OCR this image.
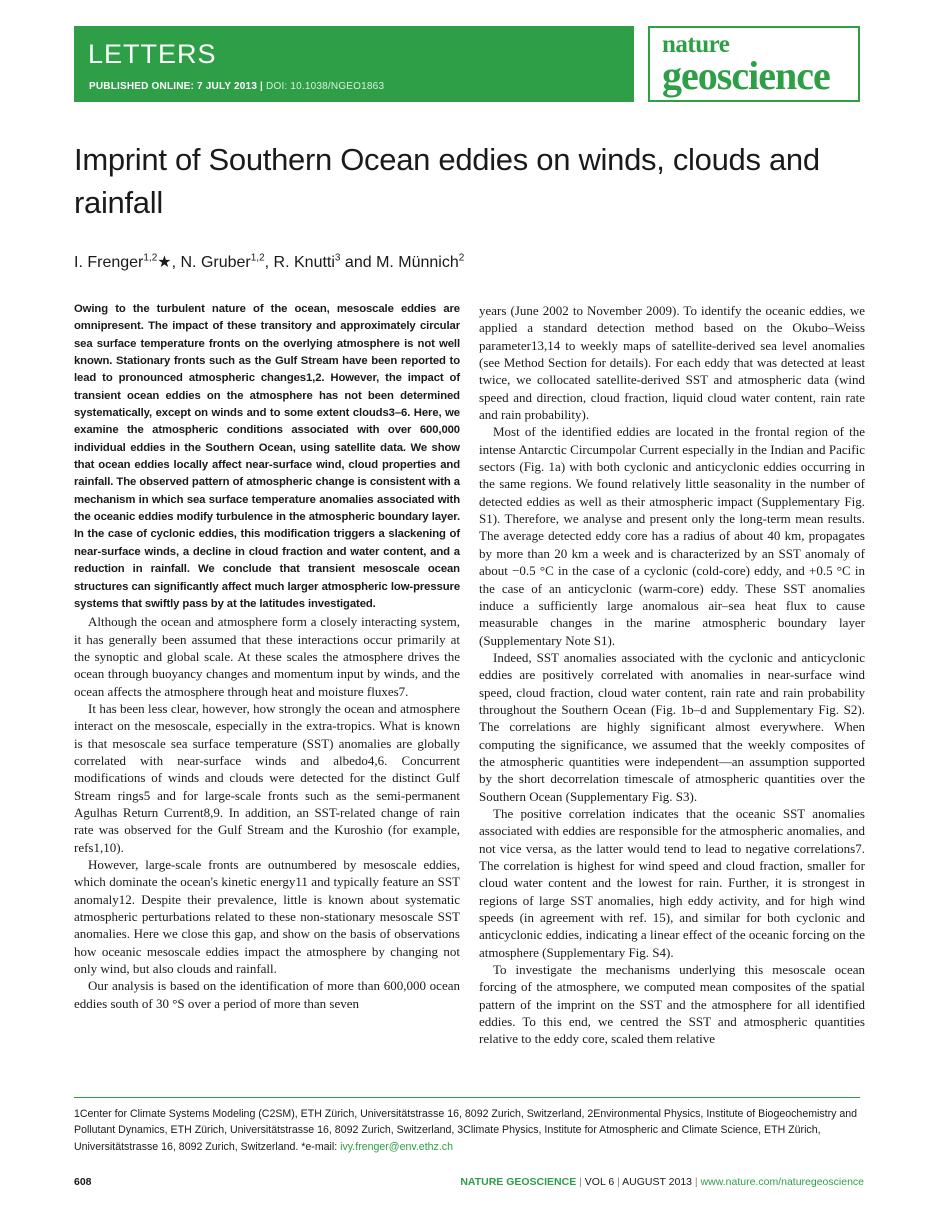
LETTERS
PUBLISHED ONLINE: 7 JULY 2013 | DOI: 10.1038/NGEO1863
nature
geoscience
Imprint of Southern Ocean eddies on winds, clouds and rainfall
I. Frenger$^{1,2}$★, N. Gruber$^{1,2}$, R. Knutti$^3$ and M. Münnich$^2$

Owing to the turbulent nature of the ocean, mesoscale eddies are omnipresent. The impact of these transitory and approximately circular sea surface temperature fronts on the overlying atmosphere is not well known. Stationary fronts such as the Gulf Stream have been reported to lead to pronounced atmospheric changes1,2. However, the impact of transient ocean eddies on the atmosphere has not been determined systematically, except on winds and to some extent clouds3–6. Here, we examine the atmospheric conditions associated with over 600,000 individual eddies in the Southern Ocean, using satellite data. We show that ocean eddies locally affect near-surface wind, cloud properties and rainfall. The observed pattern of atmospheric change is consistent with a mechanism in which sea surface temperature anomalies associated with the oceanic eddies modify turbulence in the atmospheric boundary layer. In the case of cyclonic eddies, this modification triggers a slackening of near-surface winds, a decline in cloud fraction and water content, and a reduction in rainfall. We conclude that transient mesoscale ocean structures can significantly affect much larger atmospheric low-pressure systems that swiftly pass by at the latitudes investigated.

Although the ocean and atmosphere form a closely interacting system, it has generally been assumed that these interactions occur primarily at the synoptic and global scale. At these scales the atmosphere drives the ocean through buoyancy changes and momentum input by winds, and the ocean affects the atmosphere through heat and moisture fluxes7.

It has been less clear, however, how strongly the ocean and atmosphere interact on the mesoscale, especially in the extra-tropics. What is known is that mesoscale sea surface temperature (SST) anomalies are globally correlated with near-surface winds and albedo4,6. Concurrent modifications of winds and clouds were detected for the distinct Gulf Stream rings5 and for large-scale fronts such as the semi-permanent Agulhas Return Current8,9. In addition, an SST-related change of rain rate was observed for the Gulf Stream and the Kuroshio (for example, refs1,10).

However, large-scale fronts are outnumbered by mesoscale eddies, which dominate the ocean's kinetic energy11 and typically feature an SST anomaly12. Despite their prevalence, little is known about systematic atmospheric perturbations related to these non-stationary mesoscale SST anomalies. Here we close this gap, and show on the basis of observations how oceanic mesoscale eddies impact the atmosphere by changing not only wind, but also clouds and rainfall.

Our analysis is based on the identification of more than 600,000 ocean eddies south of 30 °S over a period of more than seven

years (June 2002 to November 2009). To identify the oceanic eddies, we applied a standard detection method based on the Okubo–Weiss parameter13,14 to weekly maps of satellite-derived sea level anomalies (see Method Section for details). For each eddy that was detected at least twice, we collocated satellite-derived SST and atmospheric data (wind speed and direction, cloud fraction, liquid cloud water content, rain rate and rain probability).

Most of the identified eddies are located in the frontal region of the intense Antarctic Circumpolar Current especially in the Indian and Pacific sectors (Fig. 1a) with both cyclonic and anticyclonic eddies occurring in the same regions. We found relatively little seasonality in the number of detected eddies as well as their atmospheric impact (Supplementary Fig. S1). Therefore, we analyse and present only the long-term mean results. The average detected eddy core has a radius of about 40 km, propagates by more than 20 km a week and is characterized by an SST anomaly of about −0.5 °C in the case of a cyclonic (cold-core) eddy, and +0.5 °C in the case of an anticyclonic (warm-core) eddy. These SST anomalies induce a sufficiently large anomalous air–sea heat flux to cause measurable changes in the marine atmospheric boundary layer (Supplementary Note S1).

Indeed, SST anomalies associated with the cyclonic and anticyclonic eddies are positively correlated with anomalies in near-surface wind speed, cloud fraction, cloud water content, rain rate and rain probability throughout the Southern Ocean (Fig. 1b–d and Supplementary Fig. S2). The correlations are highly significant almost everywhere. When computing the significance, we assumed that the weekly composites of the atmospheric quantities were independent—an assumption supported by the short decorrelation timescale of atmospheric quantities over the Southern Ocean (Supplementary Fig. S3).

The positive correlation indicates that the oceanic SST anomalies associated with eddies are responsible for the atmospheric anomalies, and not vice versa, as the latter would tend to lead to negative correlations7. The correlation is highest for wind speed and cloud fraction, smaller for cloud water content and the lowest for rain. Further, it is strongest in regions of large SST anomalies, high eddy activity, and for high wind speeds (in agreement with ref. 15), and similar for both cyclonic and anticyclonic eddies, indicating a linear effect of the oceanic forcing on the atmosphere (Supplementary Fig. S4).

To investigate the mechanisms underlying this mesoscale ocean forcing of the atmosphere, we computed mean composites of the spatial pattern of the imprint on the SST and the atmosphere for all identified eddies. To this end, we centred the SST and atmospheric quantities relative to the eddy core, scaled them relative

1Center for Climate Systems Modeling (C2SM), ETH Zürich, Universitätstrasse 16, 8092 Zurich, Switzerland, 2Environmental Physics, Institute of Biogeochemistry and Pollutant Dynamics, ETH Zürich, Universitätstrasse 16, 8092 Zurich, Switzerland, 3Climate Physics, Institute for Atmospheric and Climate Science, ETH Zürich, Universitätstrasse 16, 8092 Zurich, Switzerland. *e-mail: ivy.frenger@env.ethz.ch
608	NATURE GEOSCIENCE | VOL 6 | AUGUST 2013 | www.nature.com/naturegeoscience
